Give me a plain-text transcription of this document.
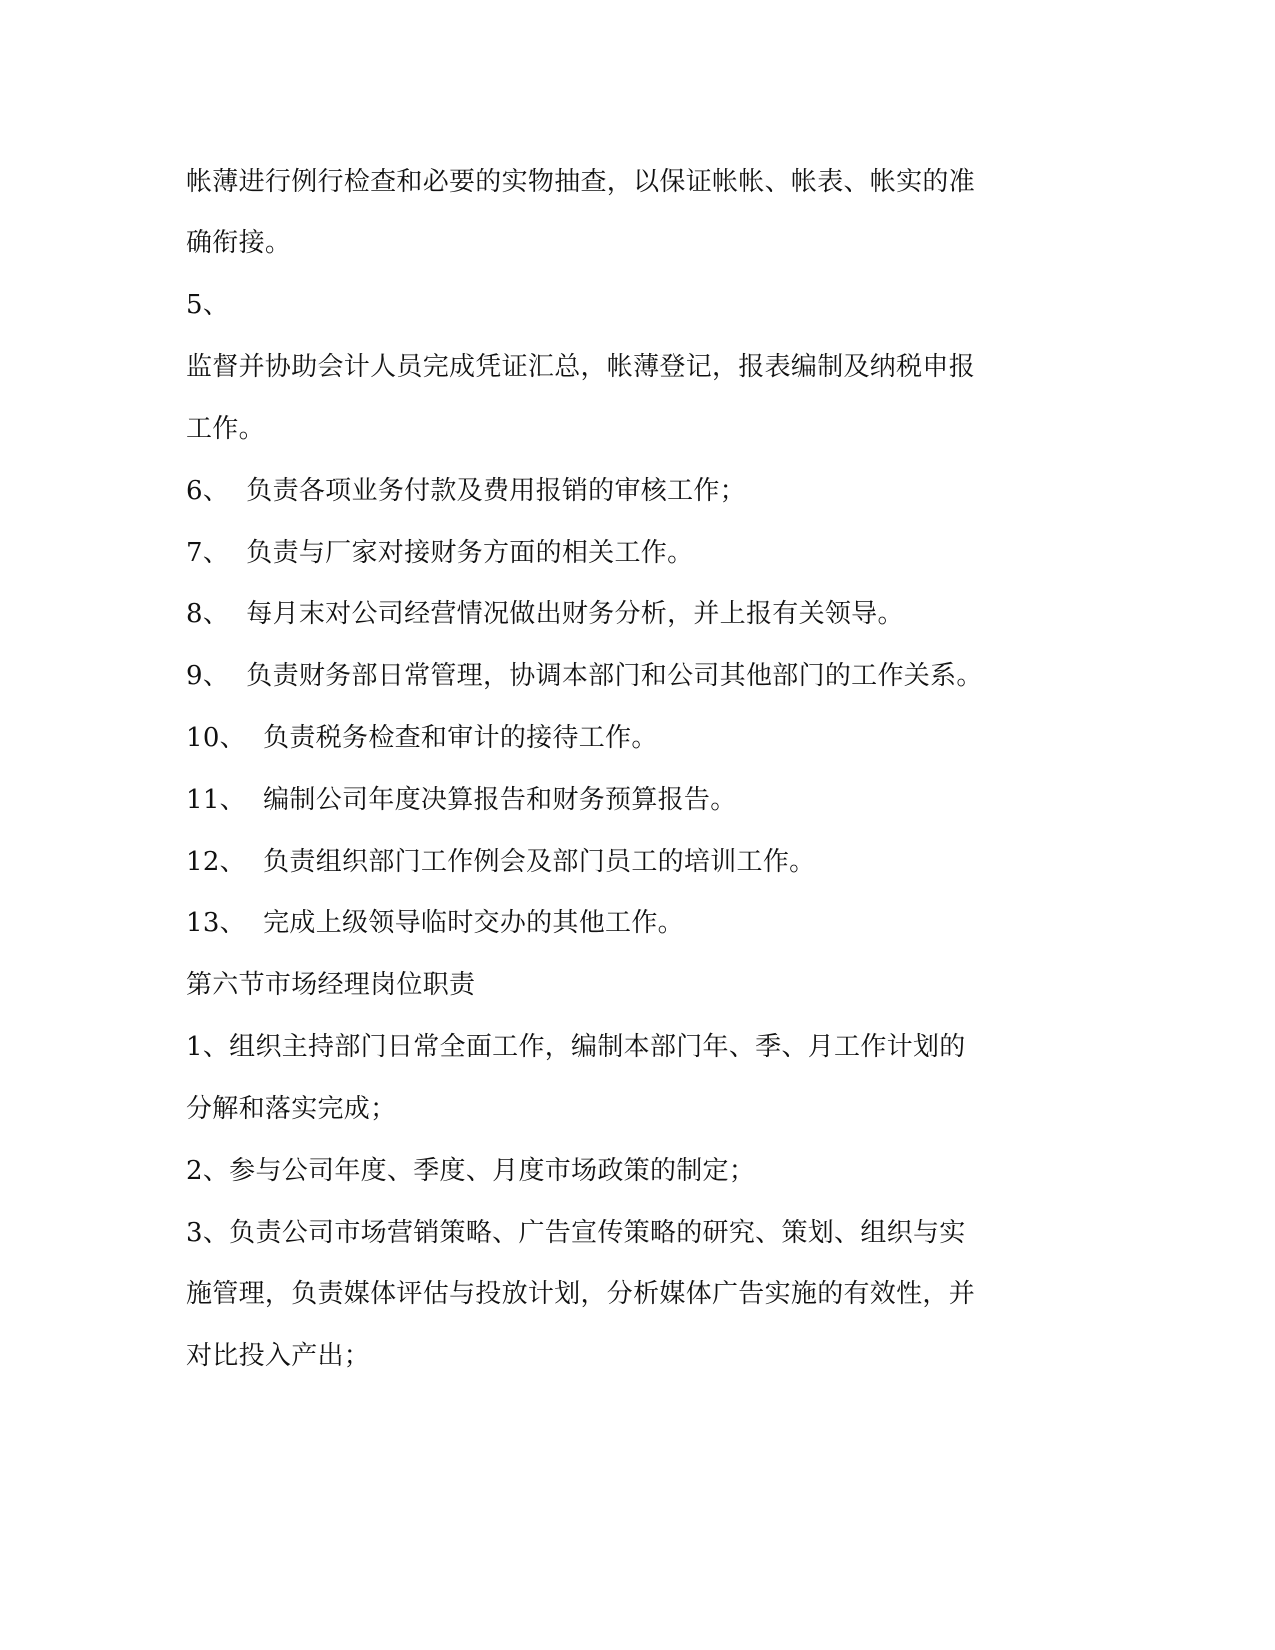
帐薄进行例行检查和必要的实物抽查，以保证帐帐、帐表、帐实的准
确衔接。
5、
监督并协助会计人员完成凭证汇总，帐薄登记，报表编制及纳税申报
工作。
6、  负责各项业务付款及费用报销的审核工作；
7、  负责与厂家对接财务方面的相关工作。
8、  每月末对公司经营情况做出财务分析，并上报有关领导。
9、  负责财务部日常管理，协调本部门和公司其他部门的工作关系。
10、  负责税务检查和审计的接待工作。
11、  编制公司年度决算报告和财务预算报告。
12、  负责组织部门工作例会及部门员工的培训工作。
13、  完成上级领导临时交办的其他工作。
第六节市场经理岗位职责
1、组织主持部门日常全面工作，编制本部门年、季、月工作计划的
分解和落实完成；
2、参与公司年度、季度、月度市场政策的制定；
3、负责公司市场营销策略、广告宣传策略的研究、策划、组织与实
施管理，负责媒体评估与投放计划，分析媒体广告实施的有效性，并
对比投入产出；
